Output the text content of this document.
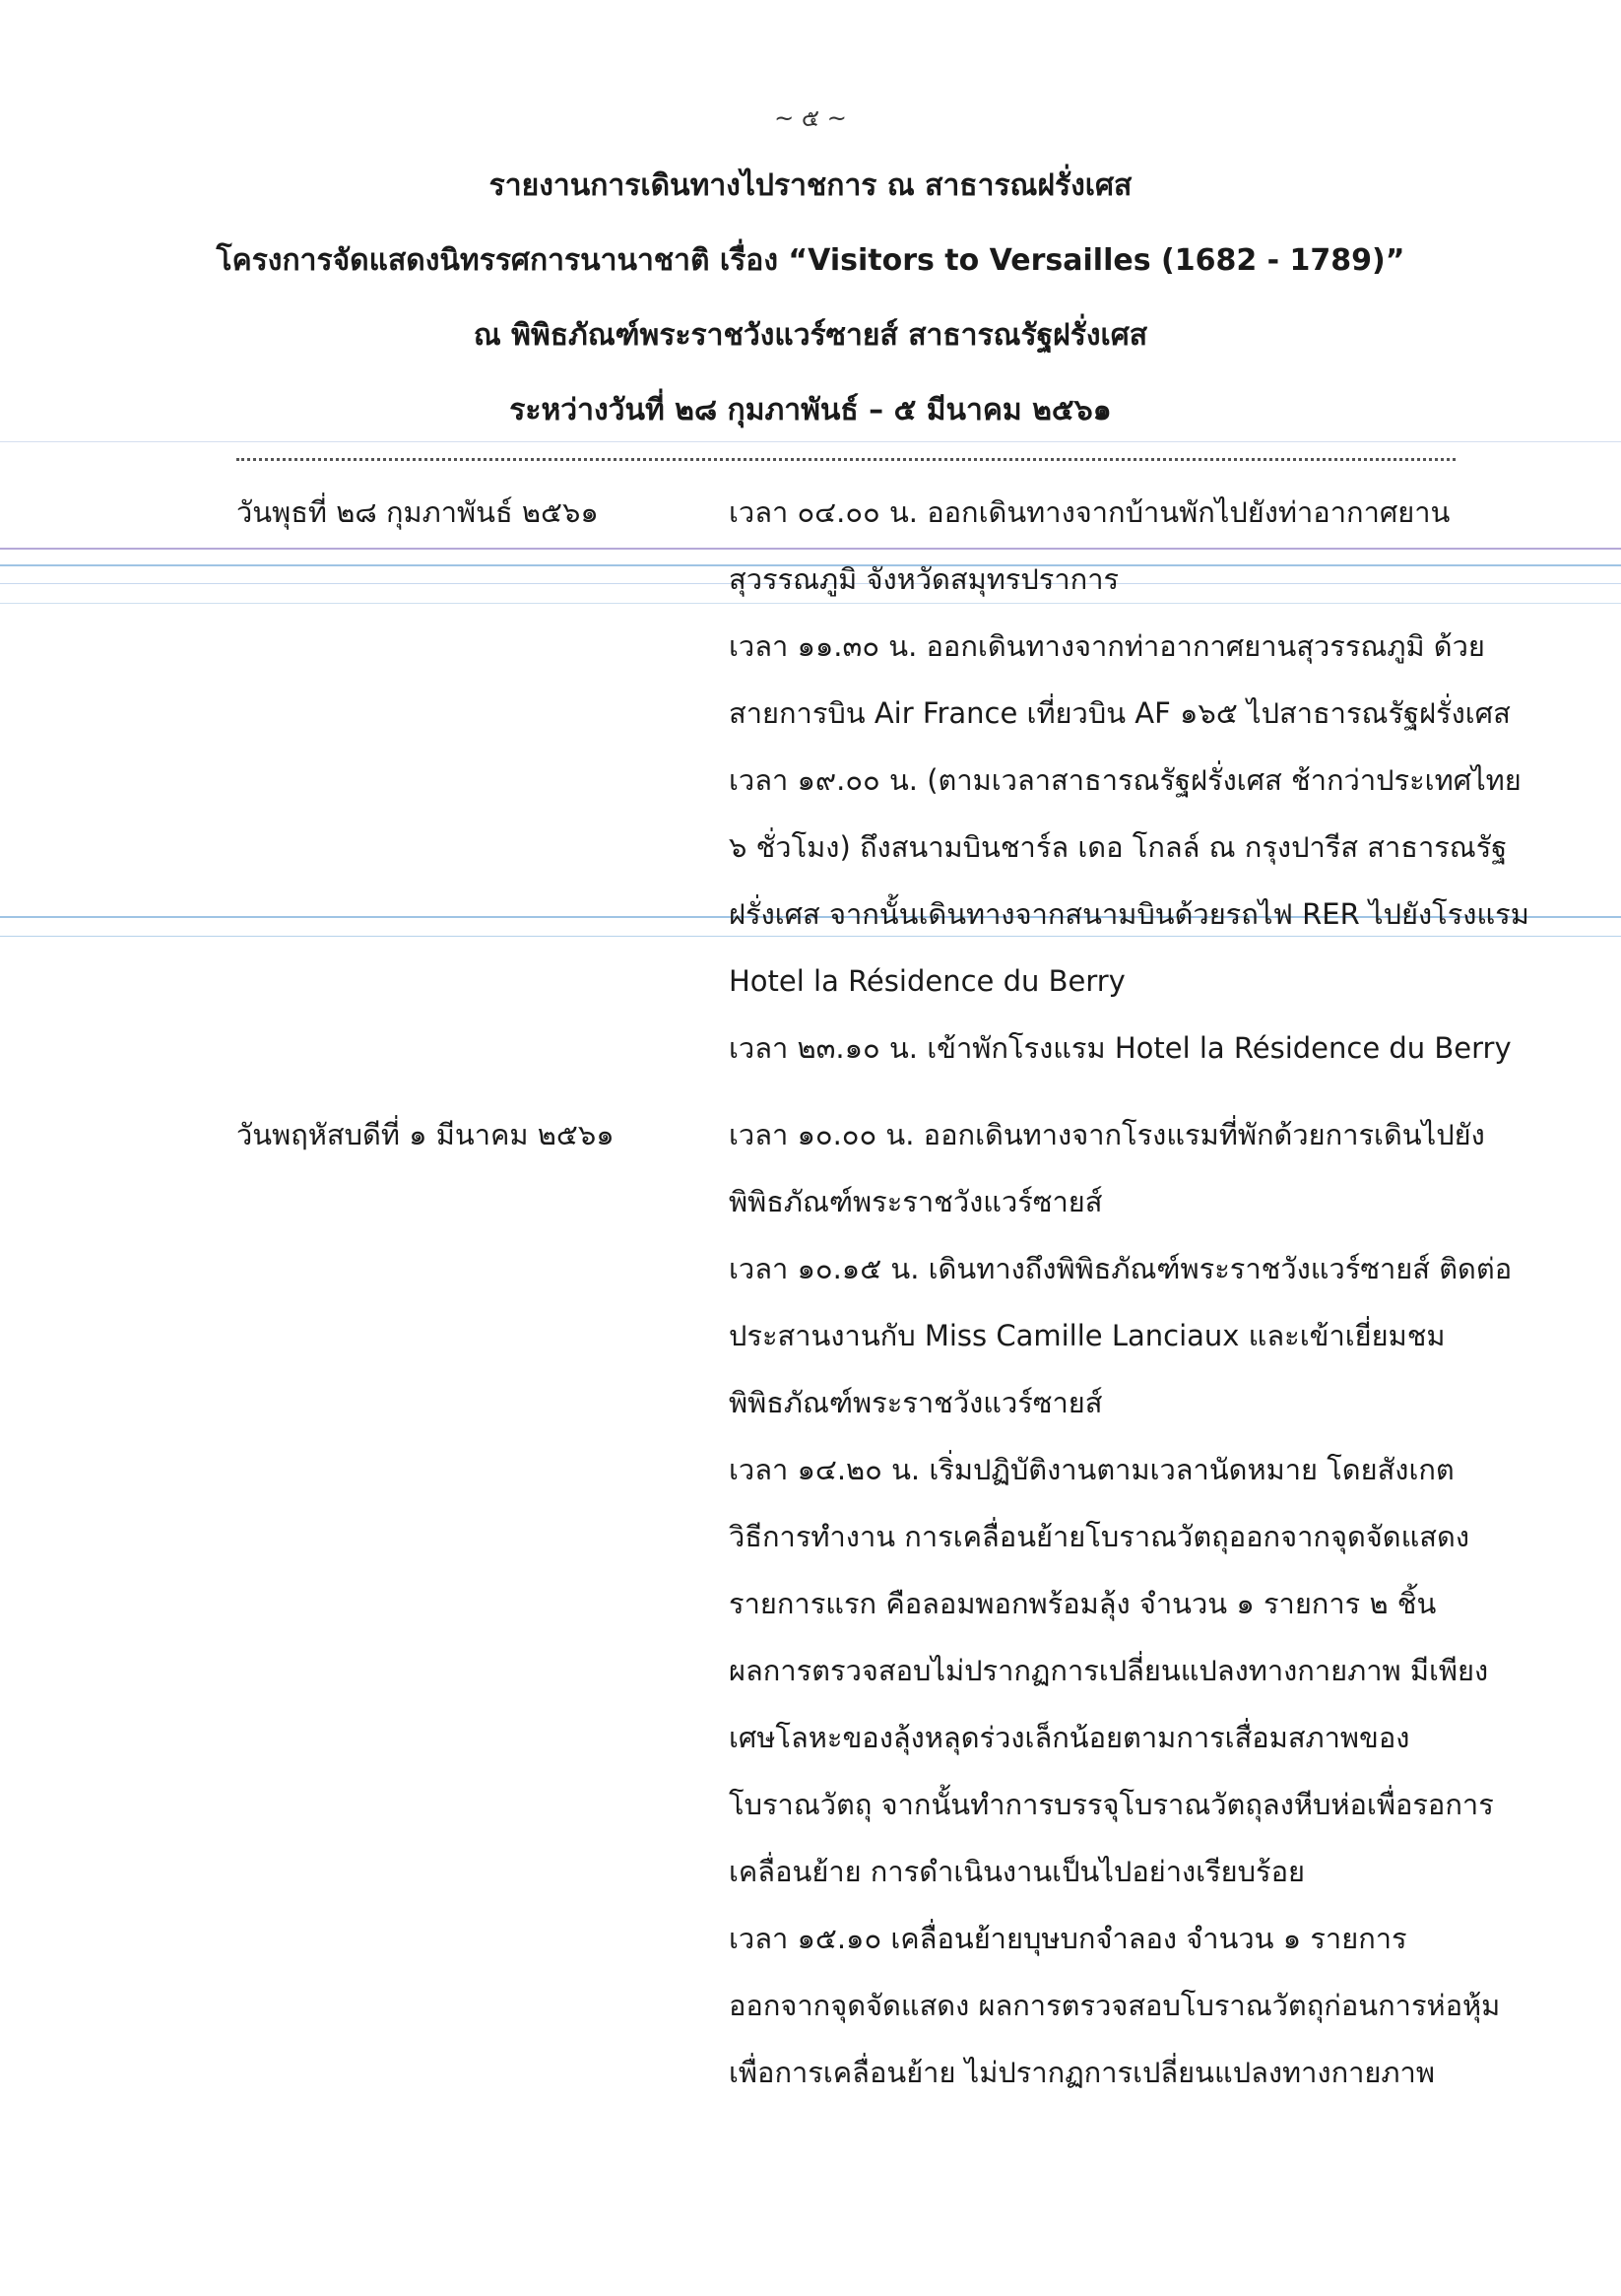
~ ๕ ~
รายงานการเดินทางไปราชการ ณ สาธารณฝรั่งเศส
โครงการจัดแสดงนิทรรศการนานาชาติ เรื่อง “Visitors to Versailles (1682 - 1789)”
ณ พิพิธภัณฑ์พระราชวังแวร์ซายส์ สาธารณรัฐฝรั่งเศส
ระหว่างวันที่ ๒๘ กุมภาพันธ์ – ๕ มีนาคม ๒๕๖๑
วันพุธที่ ๒๘ กุมภาพันธ์ ๒๕๖๑	เวลา ๐๔.๐๐ น. ออกเดินทางจากบ้านพักไปยังท่าอากาศยาน
สุวรรณภูมิ จังหวัดสมุทรปราการ
เวลา ๑๑.๓๐ น. ออกเดินทางจากท่าอากาศยานสุวรรณภูมิ ด้วย
สายการบิน Air France เที่ยวบิน AF ๑๖๕ ไปสาธารณรัฐฝรั่งเศส
เวลา ๑๙.๐๐ น. (ตามเวลาสาธารณรัฐฝรั่งเศส ช้ากว่าประเทศไทย
๖ ชั่วโมง) ถึงสนามบินชาร์ล เดอ โกลล์ ณ กรุงปารีส สาธารณรัฐ
ฝรั่งเศส จากนั้นเดินทางจากสนามบินด้วยรถไฟ RER ไปยังโรงแรม
Hotel la Résidence du Berry
เวลา ๒๓.๑๐ น. เข้าพักโรงแรม Hotel la Résidence du Berry
วันพฤหัสบดีที่ ๑ มีนาคม ๒๕๖๑	เวลา ๑๐.๐๐ น. ออกเดินทางจากโรงแรมที่พักด้วยการเดินไปยัง
พิพิธภัณฑ์พระราชวังแวร์ซายส์
เวลา ๑๐.๑๕ น. เดินทางถึงพิพิธภัณฑ์พระราชวังแวร์ซายส์ ติดต่อ
ประสานงานกับ Miss Camille Lanciaux และเข้าเยี่ยมชม
พิพิธภัณฑ์พระราชวังแวร์ซายส์
เวลา ๑๔.๒๐ น. เริ่มปฏิบัติงานตามเวลานัดหมาย โดยสังเกต
วิธีการทำงาน การเคลื่อนย้ายโบราณวัตถุออกจากจุดจัดแสดง
รายการแรก คือลอมพอกพร้อมลุ้ง จำนวน ๑ รายการ ๒ ชิ้น
ผลการตรวจสอบไม่ปรากฏการเปลี่ยนแปลงทางกายภาพ มีเพียง
เศษโลหะของลุ้งหลุดร่วงเล็กน้อยตามการเสื่อมสภาพของ
โบราณวัตถุ จากนั้นทำการบรรจุโบราณวัตถุลงหีบห่อเพื่อรอการ
เคลื่อนย้าย การดำเนินงานเป็นไปอย่างเรียบร้อย
เวลา ๑๕.๑๐ เคลื่อนย้ายบุษบกจำลอง จำนวน ๑ รายการ
ออกจากจุดจัดแสดง ผลการตรวจสอบโบราณวัตถุก่อนการห่อหุ้ม
เพื่อการเคลื่อนย้าย ไม่ปรากฏการเปลี่ยนแปลงทางกายภาพ
